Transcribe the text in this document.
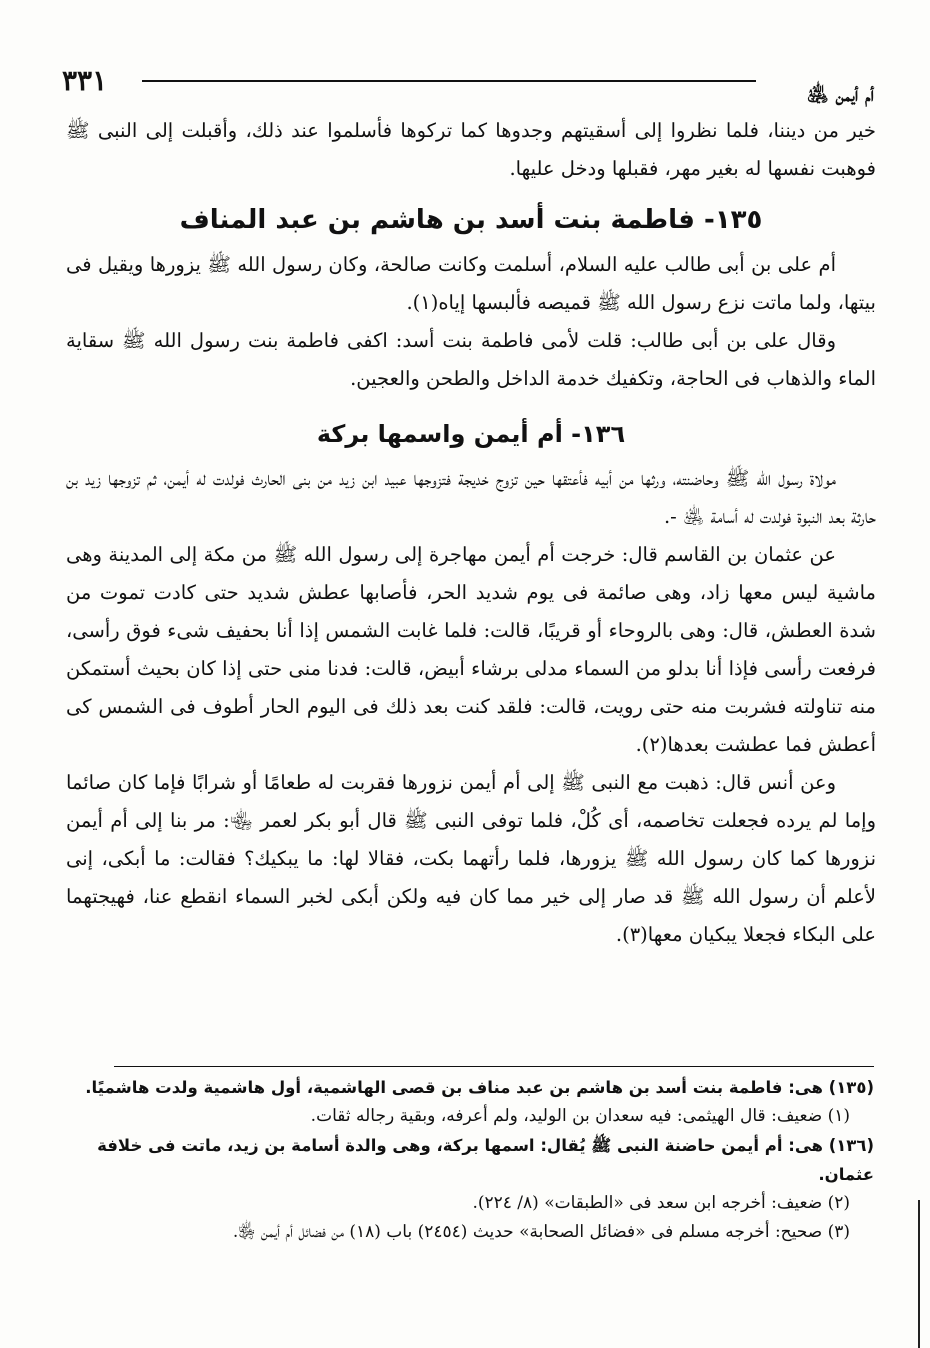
أم أيمن ﵁
٣٣١

خير من ديننا، فلما نظروا إلى أسقيتهم وجدوها كما تركوها فأسلموا عند ذلك، وأقبلت إلى النبى ﷺ فوهبت نفسها له بغير مهر، فقبلها ودخل عليها.

١٣٥- فاطمة بنت أسد بن هاشم بن عبد المناف

أم على بن أبى طالب عليه السلام، أسلمت وكانت صالحة، وكان رسول الله ﷺ يزورها ويقيل فى بيتها، ولما ماتت نزع رسول الله ﷺ قميصه فألبسها إياه(١).

وقال على بن أبى طالب: قلت لأمى فاطمة بنت أسد: اكفى فاطمة بنت رسول الله ﷺ سقاية الماء والذهاب فى الحاجة، وتكفيك خدمة الداخل والطحن والعجين.

١٣٦- أم أيمن واسمها بركة

مولاة رسول الله ﷺ وحاضنته، ورثها من أبيه فأعتقها حين تزوج خديجة فتزوجها عبيد ابن زيد من بنى الحارث فولدت له أيمن، ثم تزوجها زيد بن حارثة بعد النبوة فولدت له أسامة ﵁ -.

عن عثمان بن القاسم قال: خرجت أم أيمن مهاجرة إلى رسول الله ﷺ من مكة إلى المدينة وهى ماشية ليس معها زاد، وهى صائمة فى يوم شديد الحر، فأصابها عطش شديد حتى كادت تموت من شدة العطش، قال: وهى بالروحاء أو قريبًا، قالت: فلما غابت الشمس إذا أنا بحفيف شىء فوق رأسى، فرفعت رأسى فإذا أنا بدلو من السماء مدلى برشاء أبيض، قالت: فدنا منى حتى إذا كان بحيث أستمكن منه تناولته فشربت منه حتى رويت، قالت: فلقد كنت بعد ذلك فى اليوم الحار أطوف فى الشمس كى أعطش فما عطشت بعدها(٢).

وعن أنس قال: ذهبت مع النبى ﷺ إلى أم أيمن نزورها فقربت له طعامًا أو شرابًا فإما كان صائما وإما لم يرده فجعلت تخاصمه، أى كُلْ، فلما توفى النبى ﷺ قال أبو بكر لعمر ﵄: مر بنا إلى أم أيمن نزورها كما كان رسول الله ﷺ يزورها، فلما رأتهما بكت، فقالا لها: ما يبكيك؟ فقالت: ما أبكى، إنى لأعلم أن رسول الله ﷺ قد صار إلى خير مما كان فيه ولكن أبكى لخبر السماء انقطع عنا، فهيجتهما على البكاء فجعلا يبكيان معها(٣).

(١٣٥) هى: فاطمة بنت أسد بن هاشم بن عبد مناف بن قصى الهاشمية، أول هاشمية ولدت هاشميًا.

(١) ضعيف: قال الهيثمى: فيه سعدان بن الوليد، ولم أعرفه، وبقية رجاله ثقات.

(١٣٦) هى: أم أيمن حاضنة النبى ﷺ يُقال: اسمها بركة، وهى والدة أسامة بن زيد، ماتت فى خلافة عثمان.

(٢) ضعيف: أخرجه ابن سعد فى «الطبقات» (٨/ ٢٢٤).

(٣) صحيح: أخرجه مسلم فى «فضائل الصحابة» حديث (٢٤٥٤) باب (١٨) من فضائل أم أيمن ﵂.
